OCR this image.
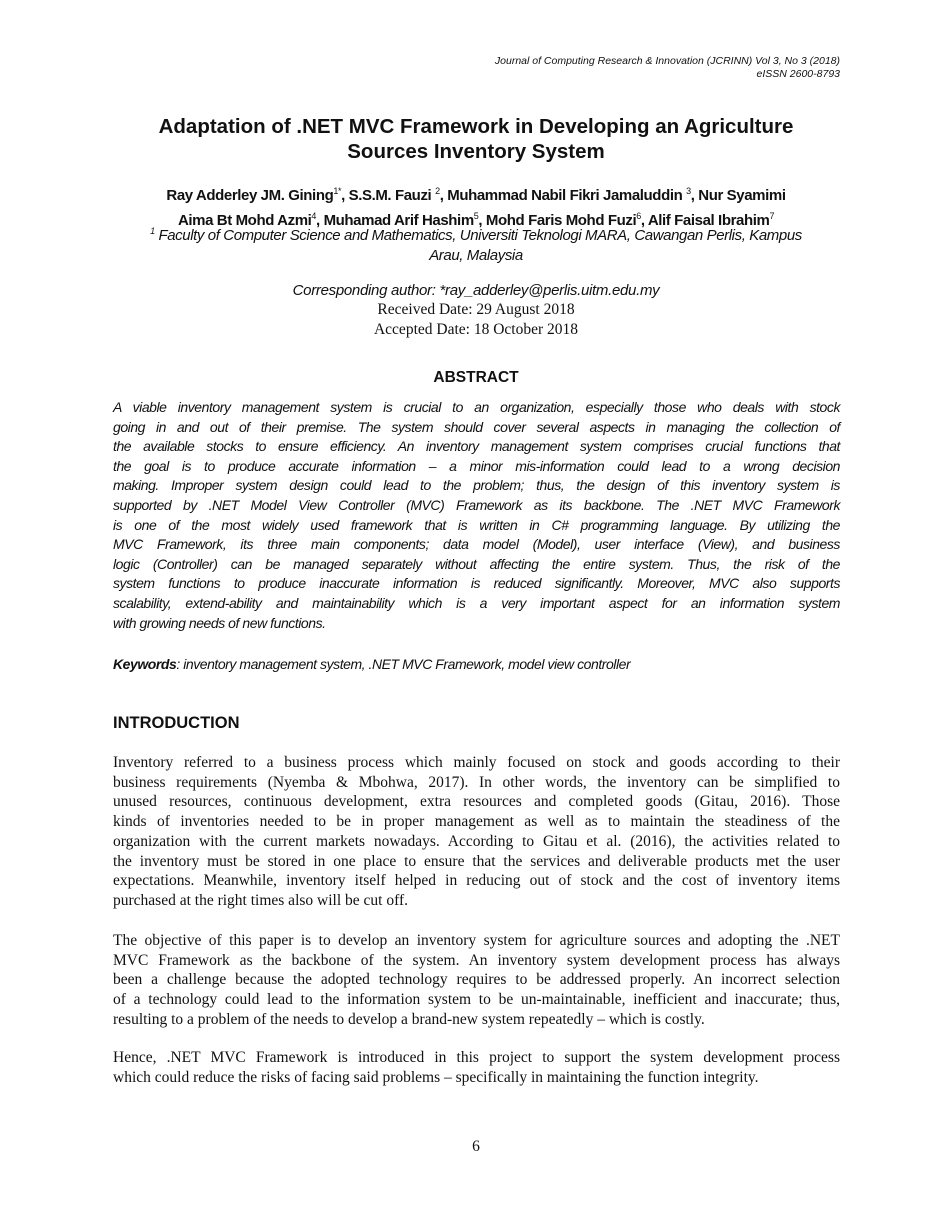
Journal of Computing Research & Innovation (JCRINN) Vol 3, No 3 (2018)
eISSN 2600-8793
Adaptation of .NET MVC Framework in Developing an Agriculture
Sources Inventory System
Ray Adderley JM. Gining$^{1*}$, S.S.M. Fauzi $^2$, Muhammad Nabil Fikri Jamaluddin $^3$, Nur Syamimi
Aima Bt Mohd Azmi$^4$, Muhamad Arif Hashim$^5$, Mohd Faris Mohd Fuzi$^6$, Alif Faisal Ibrahim$^7$
$^1$ Faculty of Computer Science and Mathematics, Universiti Teknologi MARA, Cawangan Perlis, Kampus
Arau, Malaysia
Corresponding author: *ray_adderley@perlis.uitm.edu.my
Received Date: 29 August 2018
Accepted Date: 18 October 2018
ABSTRACT
A viable inventory management system is crucial to an organization, especially those who deals with stock
going in and out of their premise. The system should cover several aspects in managing the collection of
the available stocks to ensure efficiency. An inventory management system comprises crucial functions that
the goal is to produce accurate information – a minor mis-information could lead to a wrong decision
making. Improper system design could lead to the problem; thus, the design of this inventory system is
supported by .NET Model View Controller (MVC) Framework as its backbone. The .NET MVC Framework
is one of the most widely used framework that is written in C# programming language. By utilizing the
MVC Framework, its three main components; data model (Model), user interface (View), and business
logic (Controller) can be managed separately without affecting the entire system. Thus, the risk of the
system functions to produce inaccurate information is reduced significantly. Moreover, MVC also supports
scalability, extend-ability and maintainability which is a very important aspect for an information system
with growing needs of new functions.
Keywords: inventory management system, .NET MVC Framework, model view controller
INTRODUCTION
Inventory referred to a business process which mainly focused on stock and goods according to their
business requirements (Nyemba & Mbohwa, 2017). In other words, the inventory can be simplified to
unused resources, continuous development, extra resources and completed goods (Gitau, 2016). Those
kinds of inventories needed to be in proper management as well as to maintain the steadiness of the
organization with the current markets nowadays. According to Gitau et al. (2016), the activities related to
the inventory must be stored in one place to ensure that the services and deliverable products met the user
expectations. Meanwhile, inventory itself helped in reducing out of stock and the cost of inventory items
purchased at the right times also will be cut off.
The objective of this paper is to develop an inventory system for agriculture sources and adopting the .NET
MVC Framework as the backbone of the system. An inventory system development process has always
been a challenge because the adopted technology requires to be addressed properly. An incorrect selection
of a technology could lead to the information system to be un-maintainable, inefficient and inaccurate; thus,
resulting to a problem of the needs to develop a brand-new system repeatedly – which is costly.
Hence, .NET MVC Framework is introduced in this project to support the system development process
which could reduce the risks of facing said problems – specifically in maintaining the function integrity.
6
